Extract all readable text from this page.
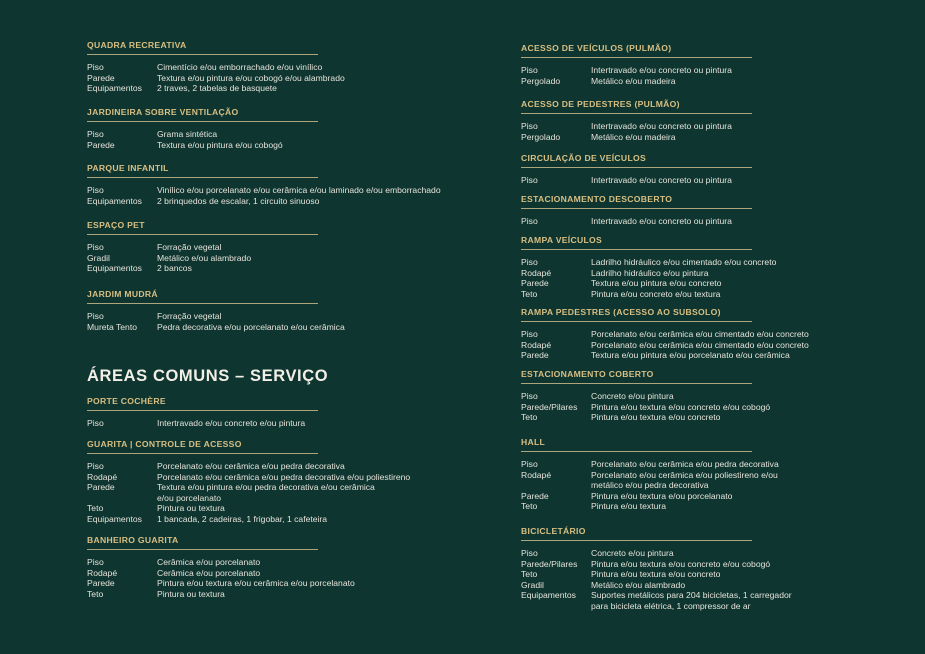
QUADRA RECREATIVA
Piso	Cimentício e/ou emborrachado e/ou vinílico
Parede	Textura e/ou pintura e/ou cobogó e/ou alambrado
Equipamentos	2 traves, 2 tabelas de basquete
JARDINEIRA SOBRE VENTILAÇÃO
Piso	Grama sintética
Parede	Textura e/ou pintura e/ou cobogó
PARQUE INFANTIL
Piso	Vinílico e/ou porcelanato e/ou cerâmica e/ou laminado e/ou emborrachado
Equipamentos	2 brinquedos de escalar, 1 circuito sinuoso
ESPAÇO PET
Piso	Forração vegetal
Gradil	Metálico e/ou alambrado
Equipamentos	2 bancos
JARDIM MUDRÁ
Piso	Forração vegetal
Mureta Tento	Pedra decorativa e/ou porcelanato e/ou cerâmica
PORTE COCHÈRE
Piso	Intertravado e/ou concreto e/ou pintura
GUARITA | CONTROLE DE ACESSO
Piso	Porcelanato e/ou cerâmica e/ou pedra decorativa
Rodapé	Porcelanato e/ou cerâmica e/ou pedra decorativa e/ou poliestireno
Parede	Textura e/ou pintura e/ou pedra decorativa e/ou cerâmica
e/ou porcelanato
Teto	Pintura ou textura
Equipamentos	1 bancada, 2 cadeiras, 1 frigobar, 1 cafeteira
BANHEIRO GUARITA
Piso	Cerâmica e/ou porcelanato
Rodapé	Cerâmica e/ou porcelanato
Parede	Pintura e/ou textura e/ou cerâmica e/ou porcelanato
Teto	Pintura ou textura
ÁREAS COMUNS – SERVIÇO
ACESSO DE VEÍCULOS (PULMÃO)
Piso	Intertravado e/ou concreto ou pintura
Pergolado	Metálico e/ou madeira
ACESSO DE PEDESTRES (PULMÃO)
Piso	Intertravado e/ou concreto ou pintura
Pergolado	Metálico e/ou madeira
CIRCULAÇÃO DE VEÍCULOS
Piso	Intertravado e/ou concreto ou pintura
ESTACIONAMENTO DESCOBERTO
Piso	Intertravado e/ou concreto ou pintura
RAMPA VEÍCULOS
Piso	Ladrilho hidráulico e/ou cimentado e/ou concreto
Rodapé	Ladrilho hidráulico e/ou pintura
Parede	Textura e/ou pintura e/ou concreto
Teto	Pintura e/ou concreto e/ou textura
RAMPA PEDESTRES (ACESSO AO SUBSOLO)
Piso	Porcelanato e/ou cerâmica e/ou cimentado e/ou concreto
Rodapé	Porcelanato e/ou cerâmica e/ou cimentado e/ou concreto
Parede	Textura e/ou pintura e/ou porcelanato e/ou cerâmica
ESTACIONAMENTO COBERTO
Piso	Concreto e/ou pintura
Parede/Pilares	Pintura e/ou textura e/ou concreto e/ou cobogó
Teto	Pintura e/ou textura e/ou concreto
HALL
Piso	Porcelanato e/ou cerâmica e/ou pedra decorativa
Rodapé	Porcelanato e/ou cerâmica e/ou poliestireno e/ou
metálico e/ou pedra decorativa
Parede	Pintura e/ou textura e/ou porcelanato
Teto	Pintura e/ou textura
BICICLETÁRIO
Piso	Concreto e/ou pintura
Parede/Pilares	Pintura e/ou textura e/ou concreto e/ou cobogó
Teto	Pintura e/ou textura e/ou concreto
Gradil	Metálico e/ou alambrado
Equipamentos	Suportes metálicos para 204 bicicletas, 1 carregador
para bicicleta elétrica, 1 compressor de ar
